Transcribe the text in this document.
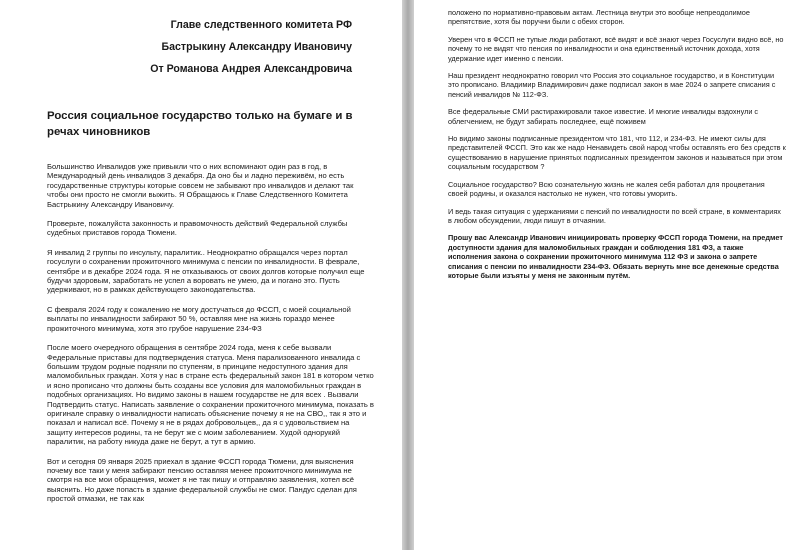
Главе следственного комитета РФ
Бастрыкину Александру Ивановичу
От Романова Андрея Александровича
Россия социальное государство только на бумаге и в речах чиновников

Большинство Инвалидов уже привыкли что о них вспоминают один раз в год, в Международный день инвалидов 3 декабря. Да оно бы и ладно переживём, но есть государственные структуры которые совсем не забывают про инвалидов и делают так чтобы они просто не смогли выжить. Я Обращаюсь к Главе Следственного Комитета Бастрыкину Александру Ивановичу.

Проверьте, пожалуйста законность и правомочность действий Федеральной службы судебных приставов города Тюмени.

Я инвалид 2 группы по инсульту, паралитик.. Неоднократно обращался через портал госуслуги о сохранении прожиточного минимума с пенсии по инвалидности. В феврале, сентябре и в декабре 2024 года. Я не отказываюсь от своих долгов которые получил еще будучи здоровым, заработать не успел а воровать не умею, да и погано это. Пусть удерживают, но в рамках действующего законодательства.

С февраля 2024 году к сожалению не могу достучаться до ФССП, с моей социальной выплаты по инвалидности забирают 50 %, оставляя мне на жизнь гораздо менее прожиточного минимума, хотя это грубое нарушение 234-ФЗ

После моего очередного обращения в сентябре 2024 года, меня к себе вызвали Федеральные приставы для подтверждения статуса. Меня парализованного инвалида с большим трудом родные подняли по ступеням, в принципе недоступного здания для маломобильных граждан. Хотя у нас в стране есть федеральный закон 181 в котором четко и ясно прописано что должны быть созданы все условия для маломобильных граждан в подобных организациях. Но видимо законы в нашем государстве не для всех . Вызвали Подтвердить статус. Написать заявление о сохранении прожиточного минимума, показать в оригинале справку о инвалидности написать объяснение почему я не на СВО,, так я это и показал и написал всё. Почему я не в рядах добровольцев,, да я с удовольствием на защиту интересов родины, та не берут же с моим заболеванием. Худой одноруки́й паралитик, на работу никуда даже не берут, а тут в армию.

Вот и сегодня 09 января 2025 приехал в здание ФССП города Тюмени, для выяснения почему все таки у меня забирают пенсию оставляя менее прожиточного минимума не смотря на все мои обращения, может я не так пишу и отправляю заявления, хотел всё выяснить. Но даже попасть в здание федеральной службы не смог. Пандус сделан для простой отмазки, не так как

положено по нормативно-правовым актам. Лестница внутри это вообще непреодолимое препятствие, хотя бы поручни были с обеих сторон.

Уверен что в ФССП не тупые люди работают, всё видят и всё знают через Госуслуги видно всё, но почему то не видят что пенсия по инвалидности и она единственный источник дохода, хотя удержание идет именно с пенсии.

Наш президент неоднократно говорил что Россия это социальное государство, и в Конституции это прописано. Владимир Владимирович даже подписал закон в мае 2024 о запрете списания с пенсий инвалидов № 112-ФЗ.

Все федеральные СМИ растиражировали такое известие. И многие инвалиды вздохнули с облегчением, не будут забирать последнее, ещё поживем

Но видимо законы подписанные президентом что 181, что 112, и 234-ФЗ. Не имеют силы для представителей ФССП. Это как же надо Ненавидеть свой народ чтобы оставлять его без средств к существованию в нарушение принятых подписанных президентом законов и называться при этом социальным государством ?

Социальное государство? Всю сознательную жизнь не жалея себя работал для процветания своей родины, и оказался настолько не нужен, что готовы уморить.

И ведь такая ситуация с удержаниями с пенсий по инвалидности по всей стране, в комментариях в любом обсуждении, люди пишут в отчаянии.

Прошу вас Александр Иванович инициировать проверку ФССП города Тюмени, на предмет доступности здания для маломобильных граждан и соблюдения 181 ФЗ, а также исполнения закона о сохранении прожиточного минимума 112 ФЗ и закона о запрете списания с пенсии по инвалидности 234-ФЗ. Обязать вернуть мне все денежные средства которые были изъяты у меня не законным путём.
